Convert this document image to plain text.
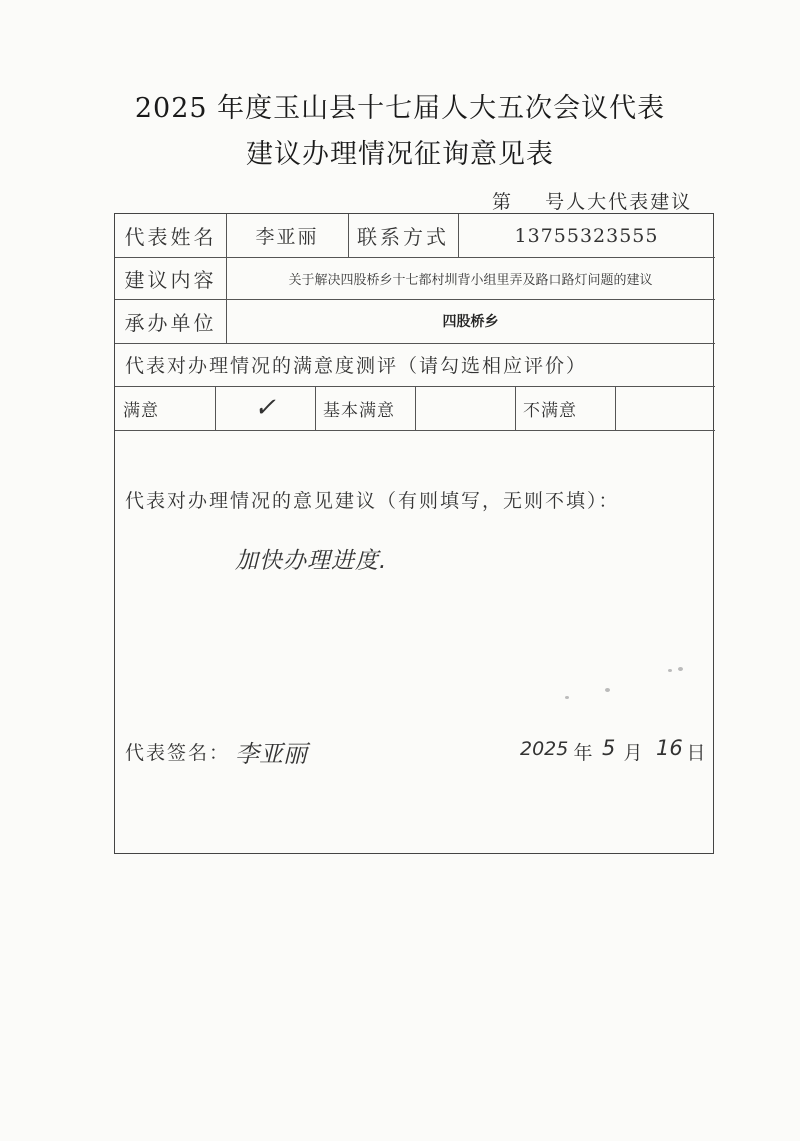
2025 年度玉山县十七届人大五次会议代表
建议办理情况征询意见表
第    号人大代表建议
代表姓名	李亚丽	联系方式	13755323555
建议内容	关于解决四股桥乡十七都村圳背小组里弄及路口路灯问题的建议
承办单位	四股桥乡
代表对办理情况的满意度测评（请勾选相应评价）
满意	✓	基本满意	不满意
代表对办理情况的意见建议（有则填写，无则不填）：
加快办理进度.
代表签名： 李亚丽	2025 年 5 月 16 日
